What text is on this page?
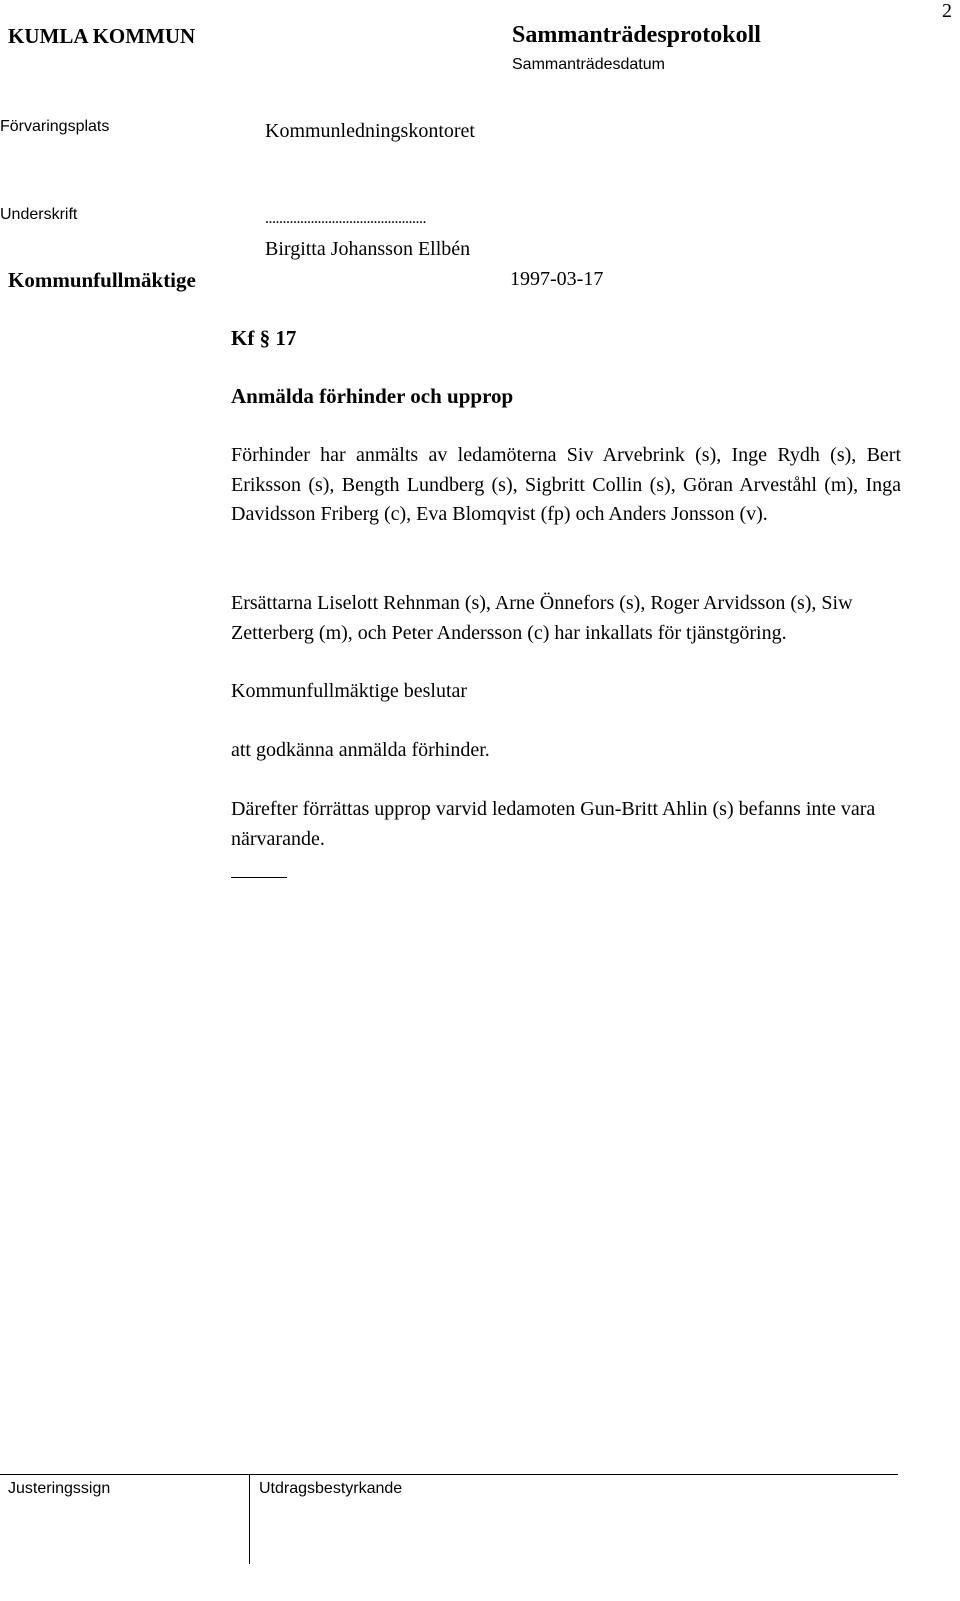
2
KUMLA KOMMUN	Sammanträdesprotokoll
Sammanträdesdatum
Förvaringsplats	Kommunledningskontoret
Underskrift	..............................................
Birgitta Johansson Ellbén
Kommunfullmäktige	1997-03-17
Kf § 17
Anmälda förhinder och upprop
Förhinder har anmälts av ledamöterna Siv Arvebrink (s), Inge Rydh (s), Bert Eriksson (s), Bength Lundberg (s), Sigbritt Collin (s), Göran Arveståhl (m), Inga Davidsson Friberg (c), Eva Blomqvist (fp) och Anders Jonsson (v).
Ersättarna Liselott Rehnman (s), Arne Önnefors (s), Roger Arvidsson (s), Siw Zetterberg (m), och Peter Andersson (c) har inkallats för tjänstgöring.
Kommunfullmäktige beslutar
att godkänna anmälda förhinder.
Därefter förrättas upprop varvid ledamoten Gun-Britt Ahlin (s) befanns inte vara närvarande.
Justeringssign	Utdragsbestyrkande
